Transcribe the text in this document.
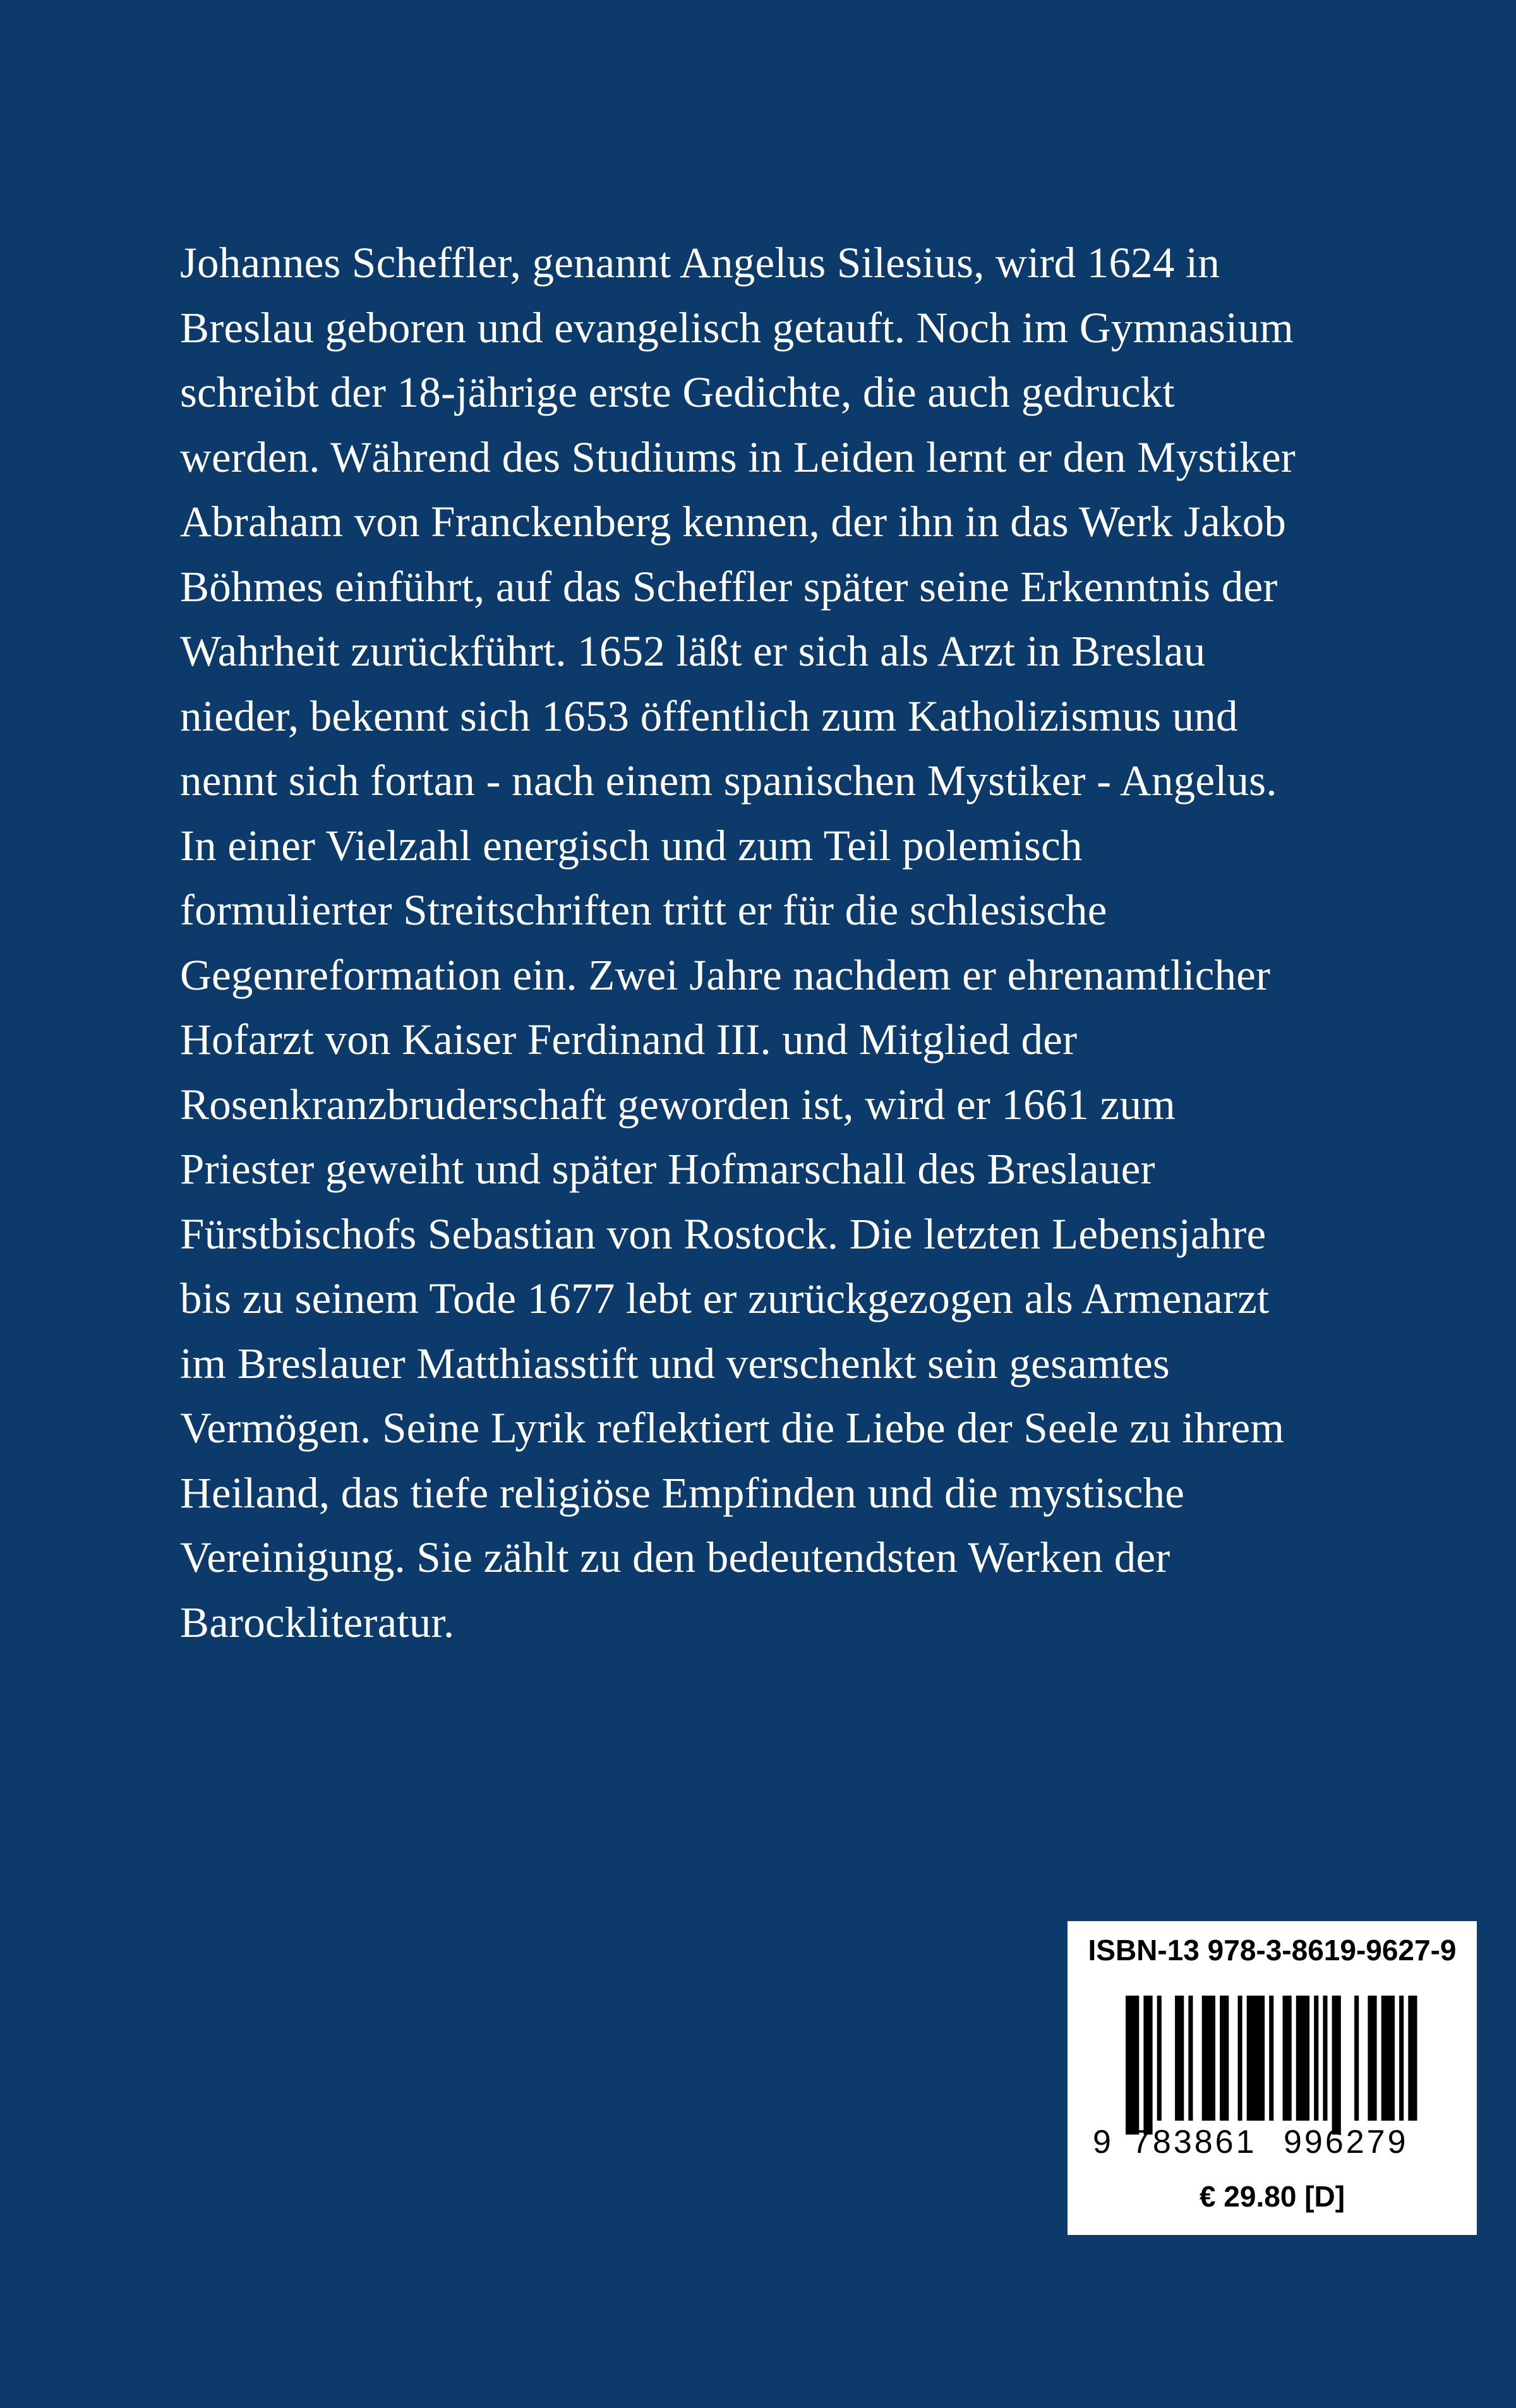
Johannes Scheffler, genannt Angelus Silesius, wird 1624 in
Breslau geboren und evangelisch getauft. Noch im Gymnasium
schreibt der 18-jährige erste Gedichte, die auch gedruckt
werden. Während des Studiums in Leiden lernt er den Mystiker
Abraham von Franckenberg kennen, der ihn in das Werk Jakob
Böhmes einführt, auf das Scheffler später seine Erkenntnis der
Wahrheit zurückführt. 1652 läßt er sich als Arzt in Breslau
nieder, bekennt sich 1653 öffentlich zum Katholizismus und
nennt sich fortan - nach einem spanischen Mystiker - Angelus.
In einer Vielzahl energisch und zum Teil polemisch
formulierter Streitschriften tritt er für die schlesische
Gegenreformation ein. Zwei Jahre nachdem er ehrenamtlicher
Hofarzt von Kaiser Ferdinand III. und Mitglied der
Rosenkranzbruderschaft geworden ist, wird er 1661 zum
Priester geweiht und später Hofmarschall des Breslauer
Fürstbischofs Sebastian von Rostock. Die letzten Lebensjahre
bis zu seinem Tode 1677 lebt er zurückgezogen als Armenarzt
im Breslauer Matthiasstift und verschenkt sein gesamtes
Vermögen. Seine Lyrik reflektiert die Liebe der Seele zu ihrem
Heiland, das tiefe religiöse Empfinden und die mystische
Vereinigung. Sie zählt zu den bedeutendsten Werken der
Barockliteratur.
ISBN-13 978-3-8619-9627-9
9 783861 996279
€ 29.80 [D]
